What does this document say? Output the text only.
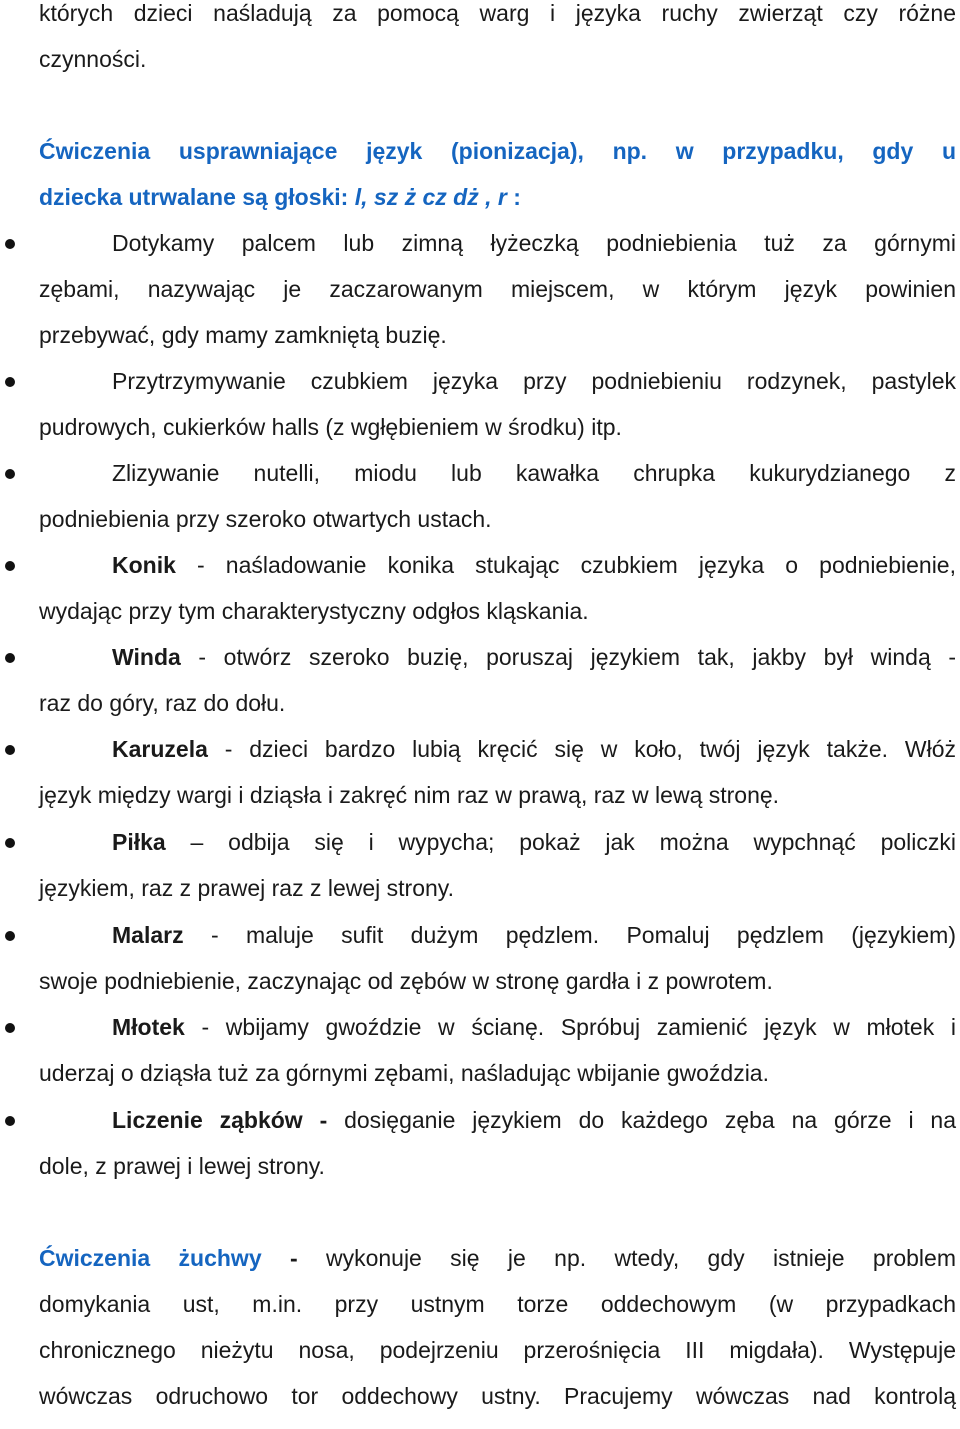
których dzieci naśladują za pomocą warg i języka ruchy zwierząt czy różne
czynności.
Ćwiczenia usprawniające język (pionizacja), np. w przypadku, gdy u
dziecka utrwalane są głoski: l, sz ż cz dż , r :
Dotykamy palcem lub zimną łyżeczką podniebienia tuż za górnymi
zębami, nazywając je zaczarowanym miejscem, w którym język powinien
przebywać, gdy mamy zamkniętą buzię.
Przytrzymywanie czubkiem języka przy podniebieniu rodzynek, pastylek
pudrowych, cukierków halls (z wgłębieniem w środku) itp.
Zlizywanie nutelli, miodu lub kawałka chrupka kukurydzianego z
podniebienia przy szeroko otwartych ustach.
Konik - naśladowanie konika stukając czubkiem języka o podniebienie,
wydając przy tym charakterystyczny odgłos kląskania.
Winda - otwórz szeroko buzię, poruszaj językiem tak, jakby był windą -
raz do góry, raz do dołu.
Karuzela - dzieci bardzo lubią kręcić się w koło, twój język także. Włóż
język między wargi i dziąsła i zakręć nim raz w prawą, raz w lewą stronę.
Piłka – odbija się i wypycha; pokaż jak można wypchnąć policzki
językiem, raz z prawej raz z lewej strony.
Malarz - maluje sufit dużym pędzlem. Pomaluj pędzlem (językiem)
swoje podniebienie, zaczynając od zębów w stronę gardła i z powrotem.
Młotek - wbijamy gwoździe w ścianę. Spróbuj zamienić język w młotek i
uderzaj o dziąsła tuż za górnymi zębami, naśladując wbijanie gwoździa.
Liczenie ząbków - dosięganie językiem do każdego zęba na górze i na
dole, z prawej i lewej strony.
Ćwiczenia żuchwy - wykonuje się je np. wtedy, gdy istnieje problem
domykania ust, m.in. przy ustnym torze oddechowym (w przypadkach
chronicznego nieżytu nosa, podejrzeniu przerośnięcia III migdała). Występuje
wówczas odruchowo tor oddechowy ustny. Pracujemy wówczas nad kontrolą
